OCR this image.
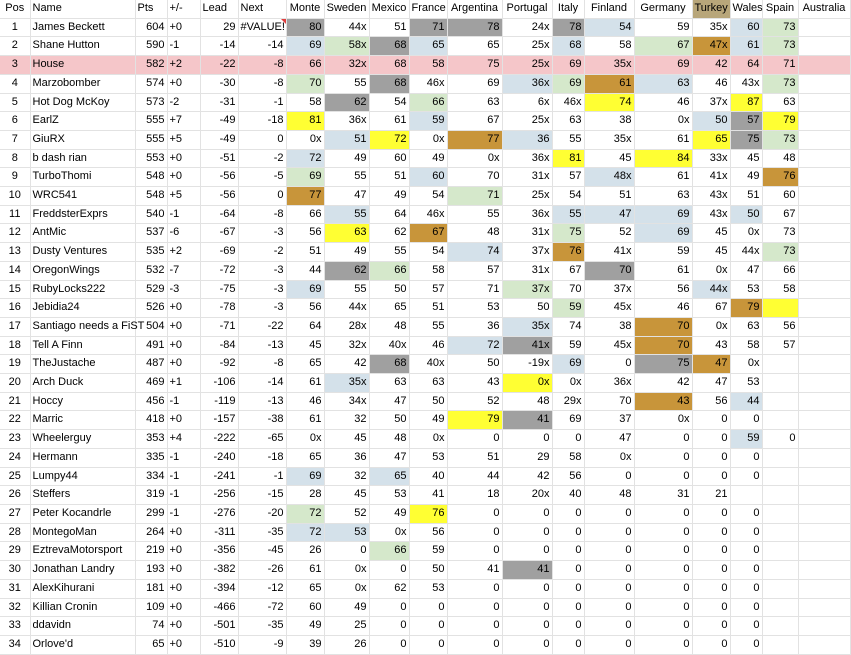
Pos	Name	Pts	+/-	Lead	Next	Monte	Sweden	Mexico	France	Argentina	Portugal	Italy	Finland	Germany	Turkey	Wales	Spain	Australia
1	James Beckett	604	+0	29	#VALUE!	80	44x	51	71	78	24x	78	54	59	35x	60	73	
2	Shane Hutton	590	-1	-14	-14	69	58x	68	65	65	25x	68	58	67	47x	61	73	
3	House	582	+2	-22	-8	66	32x	68	58	75	25x	69	35x	69	42	64	71	
4	Marzobomber	574	+0	-30	-8	70	55	68	46x	69	36x	69	61	63	46	43x	73	
5	Hot Dog McKoy	573	-2	-31	-1	58	62	54	66	63	6x	46x	74	46	37x	87	63	
6	EarlZ	555	+7	-49	-18	81	36x	61	59	67	25x	63	38	0x	50	57	79	
7	GiuRX	555	+5	-49	0	0x	51	72	0x	77	36	55	35x	61	65	75	73	
8	b dash rian	553	+0	-51	-2	72	49	60	49	0x	36x	81	45	84	33x	45	48	
9	TurboThomi	548	+0	-56	-5	69	55	51	60	70	31x	57	48x	61	41x	49	76	
10	WRC541	548	+5	-56	0	77	47	49	54	71	25x	54	51	63	43x	51	60	
11	FreddsterExprs	540	-1	-64	-8	66	55	64	46x	55	36x	55	47	69	43x	50	67	
12	AntMic	537	-6	-67	-3	56	63	62	67	48	31x	75	52	69	45	0x	73	
13	Dusty Ventures	535	+2	-69	-2	51	49	55	54	74	37x	76	41x	59	45	44x	73	
14	OregonWings	532	-7	-72	-3	44	62	66	58	57	31x	67	70	61	0x	47	66	
15	RubyLocks222	529	-3	-75	-3	69	55	50	57	71	37x	70	37x	56	44x	53	58	
16	Jebidia24	526	+0	-78	-3	56	44x	65	51	53	50	59	45x	46	67	79		
17	Santiago needs a FiST	504	+0	-71	-22	64	28x	48	55	36	35x	74	38	70	0x	63	56	
18	Tell A Finn	491	+0	-84	-13	45	32x	40x	46	72	41x	59	45x	70	43	58	57	
19	TheJustache	487	+0	-92	-8	65	42	68	40x	50	-19x	69	0	75	47	0x		
20	Arch Duck	469	+1	-106	-14	61	35x	63	63	43	0x	0x	36x	42	47	53		
21	Hoccy	456	-1	-119	-13	46	34x	47	50	52	48	29x	70	43	56	44		
22	Marric	418	+0	-157	-38	61	32	50	49	79	41	69	37	0x	0	0		
23	Wheelerguy	353	+4	-222	-65	0x	45	48	0x	0	0	0	47	0	0	59	0	
24	Hermann	335	-1	-240	-18	65	36	47	53	51	29	58	0x	0	0	0		
25	Lumpy44	334	-1	-241	-1	69	32	65	40	44	42	56	0	0	0	0		
26	Steffers	319	-1	-256	-15	28	45	53	41	18	20x	40	48	31	21			
27	Peter Kocandrle	299	-1	-276	-20	72	52	49	76	0	0	0	0	0	0	0		
28	MontegoMan	264	+0	-311	-35	72	53	0x	56	0	0	0	0	0	0	0		
29	EztrevaMotorsport	219	+0	-356	-45	26	0	66	59	0	0	0	0	0	0	0		
30	Jonathan Landry	193	+0	-382	-26	61	0x	0	50	41	41	0	0	0	0	0		
31	AlexKihurani	181	+0	-394	-12	65	0x	62	53	0	0	0	0	0	0	0		
32	Killian Cronin	109	+0	-466	-72	60	49	0	0	0	0	0	0	0	0	0		
33	ddavidn	74	+0	-501	-35	49	25	0	0	0	0	0	0	0	0	0		
34	Orlove'd	65	+0	-510	-9	39	26	0	0	0	0	0	0	0	0	0		
